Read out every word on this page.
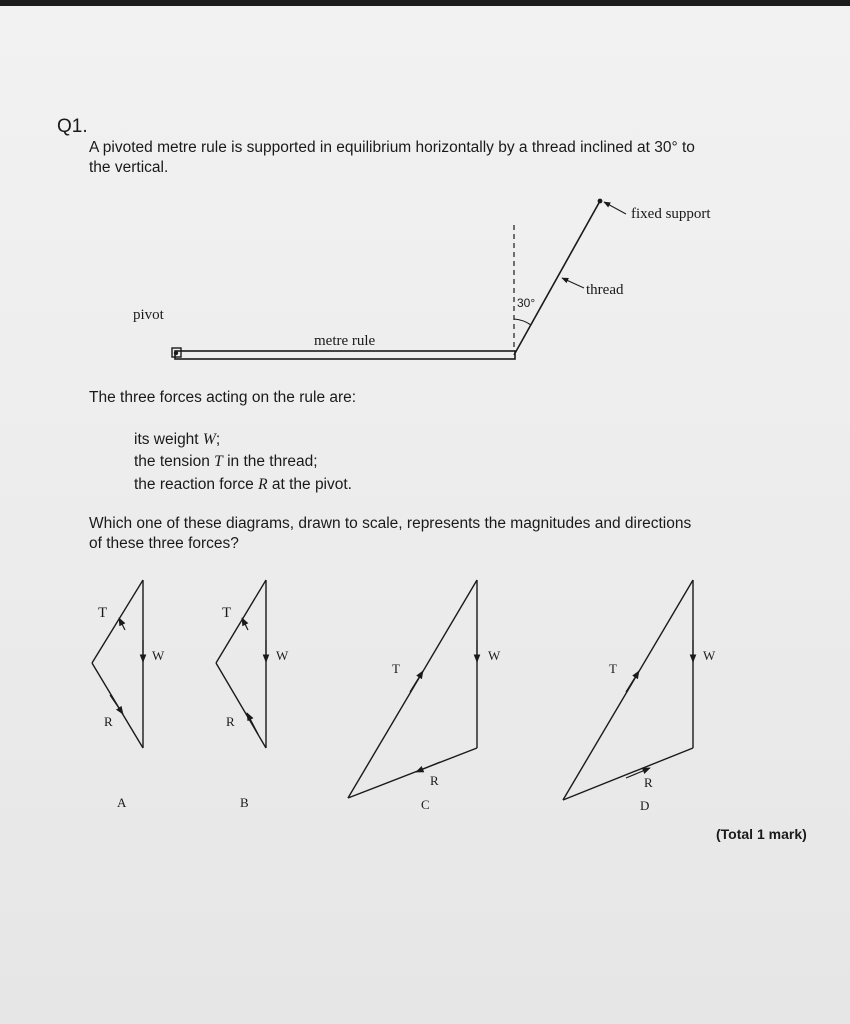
Q1.
A pivoted metre rule is supported in equilibrium horizontally by a thread inclined at 30° to
the vertical.
fixed support
thread
30°
pivot
metre rule
The three forces acting on the rule are:
its weight W;
the tension T in the thread;
the reaction force R at the pivot.
Which one of these diagrams, drawn to scale, represents the magnitudes and directions
of these three forces?
T
W
R
A
T
W
R
B
T
W
R
C
T
W
R
D
(Total 1 mark)
